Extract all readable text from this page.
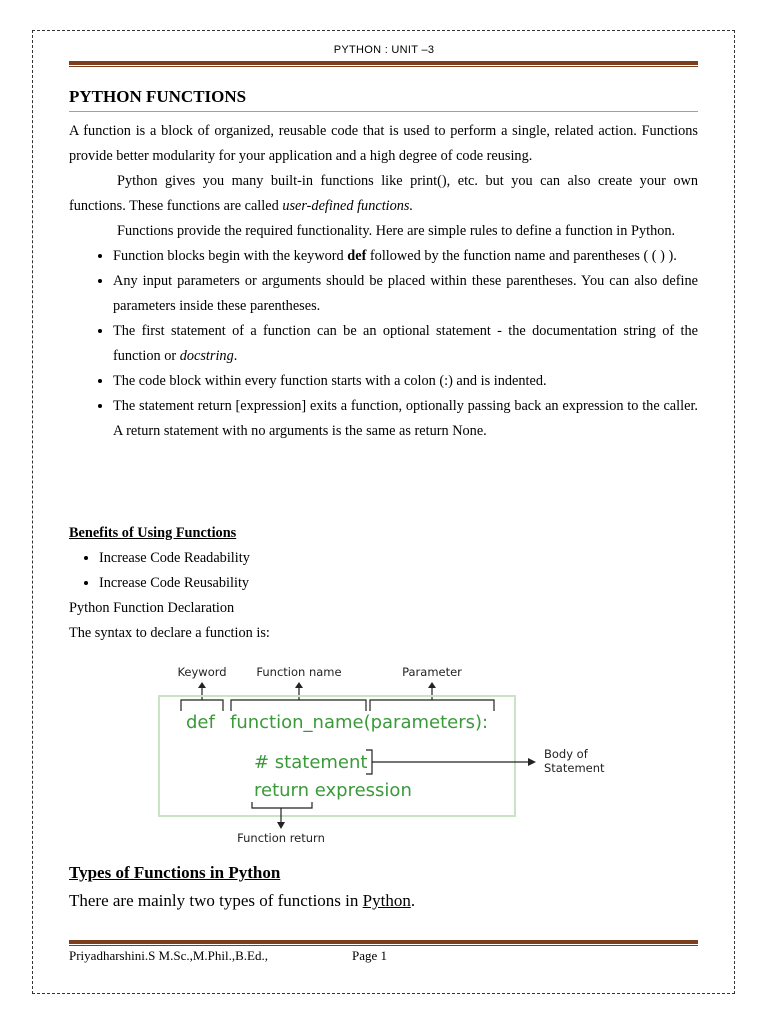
PYTHON : UNIT –3
PYTHON FUNCTIONS

A function is a block of organized, reusable code that is used to perform a single, related action. Functions provide better modularity for your application and a high degree of code reusing.

Python gives you many built-in functions like print(), etc. but you can also create your own functions. These functions are called user-defined functions.

Functions provide the required functionality. Here are simple rules to define a function in Python.

• Function blocks begin with the keyword def followed by the function name and parentheses ( ( ) ).
• Any input parameters or arguments should be placed within these parentheses. You can also define parameters inside these parentheses.
• The first statement of a function can be an optional statement - the documentation string of the function or docstring.
• The code block within every function starts with a colon (:) and is indented.
• The statement return [expression] exits a function, optionally passing back an expression to the caller. A return statement with no arguments is the same as return None.
Benefits of Using Functions
• Increase Code Readability
• Increase Code Reusability
Python Function Declaration
The syntax to declare a function is:
Keyword	Function name	Parameter
def function_name(parameters):
# statement
return expression
Body of
Statement
Function return
Types of Functions in Python
There are mainly two types of functions in Python.
Priyadharshini.S M.Sc.,M.Phil.,B.Ed.,	Page 1
